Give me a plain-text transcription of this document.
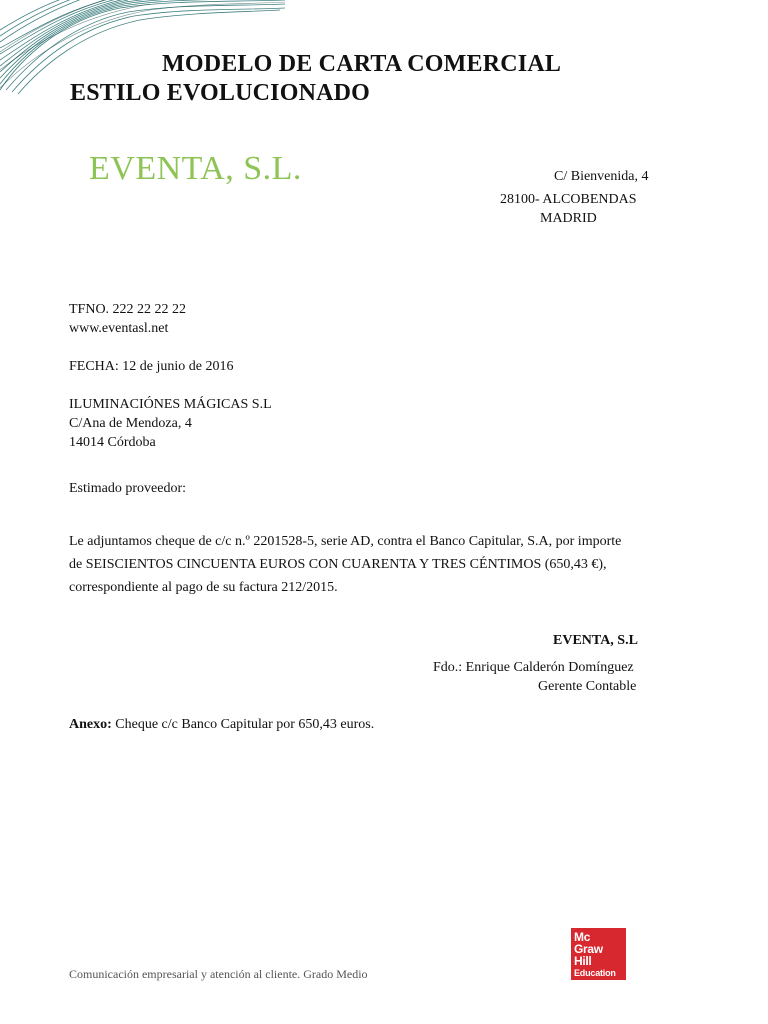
MODELO DE CARTA COMERCIAL
ESTILO EVOLUCIONADO
EVENTA, S.L.	C/ Bienvenida, 4
28100- ALCOBENDAS
MADRID
TFNO. 222 22 22 22
www.eventasl.net
FECHA: 12 de junio de 2016
ILUMINACIÓNES MÁGICAS S.L
C/Ana de Mendoza, 4
14014 Córdoba
Estimado proveedor:
Le adjuntamos cheque de c/c n.º 2201528-5, serie AD, contra el Banco Capitular, S.A, por importe
de SEISCIENTOS CINCUENTA EUROS CON CUARENTA Y TRES CÉNTIMOS (650,43 €),
correspondiente al pago de su factura 212/2015.
EVENTA, S.L
Fdo.: Enrique Calderón Domínguez
Gerente Contable
Anexo: Cheque c/c Banco Capitular por 650,43 euros.
Mc
Graw
Hill
Education
Comunicación empresarial y atención al cliente. Grado Medio
